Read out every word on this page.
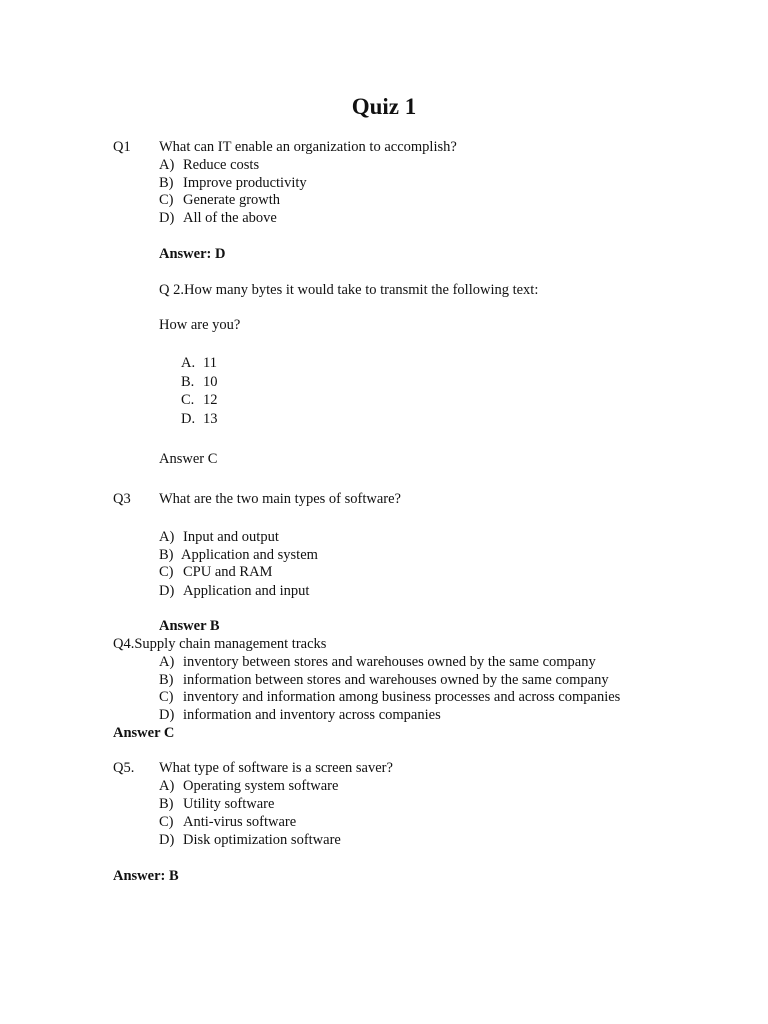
Quiz 1
Q1 What can IT enable an organization to accomplish?
A) Reduce costs
B) Improve productivity
C) Generate growth
D) All of the above
Answer: D
Q 2.How many bytes it would take to transmit the following text:
How are you?
A. 11
B. 10
C. 12
D. 13
Answer C
Q3 What are the two main types of software?
A) Input and output
B) Application and system
C) CPU and RAM
D) Application and input
Answer B
Q4.Supply chain management tracks
A) inventory between stores and warehouses owned by the same company
B) information between stores and warehouses owned by the same company
C) inventory and information among business processes and across companies
D) information and inventory across companies
Answer C
Q5. What type of software is a screen saver?
A) Operating system software
B) Utility software
C) Anti-virus software
D) Disk optimization software
Answer: B
